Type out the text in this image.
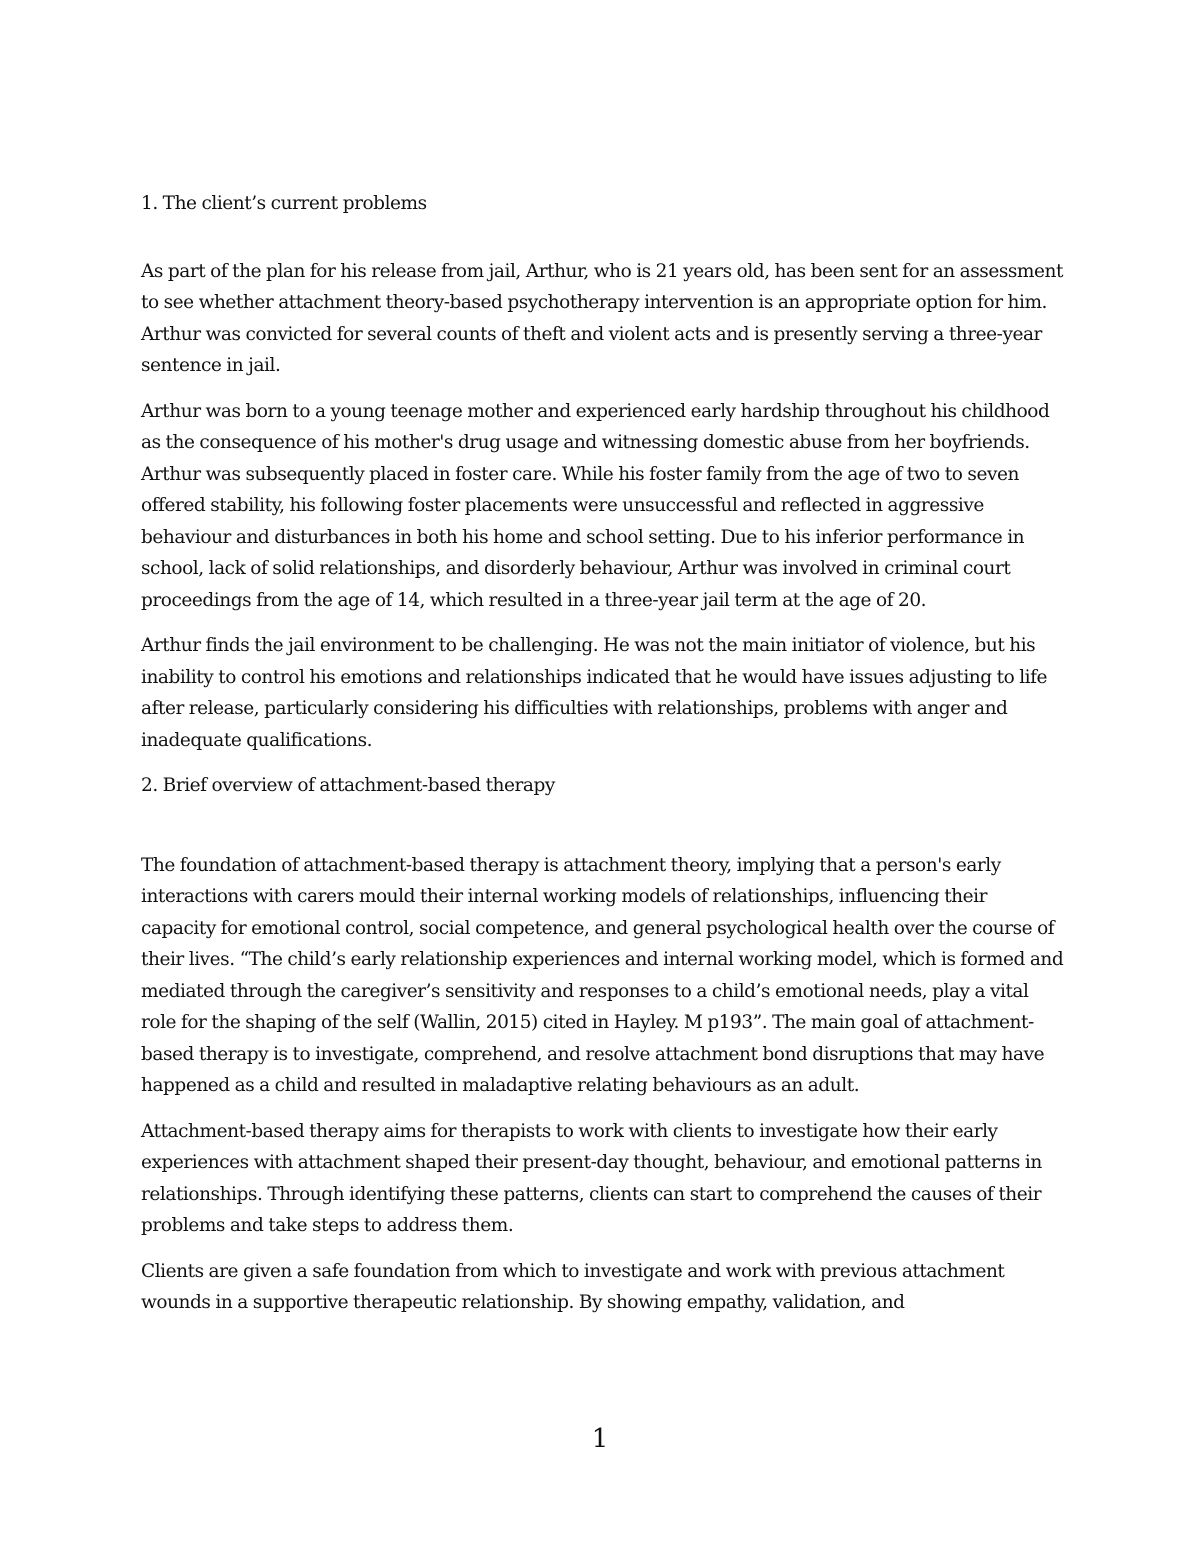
1. The client’s current problems

As part of the plan for his release from jail, Arthur, who is 21 years old, has been sent for an assessment to see whether attachment theory-based psychotherapy intervention is an appropriate option for him. Arthur was convicted for several counts of theft and violent acts and is presently serving a three-year sentence in jail.

Arthur was born to a young teenage mother and experienced early hardship throughout his childhood as the consequence of his mother's drug usage and witnessing domestic abuse from her boyfriends. Arthur was subsequently placed in foster care. While his foster family from the age of two to seven offered stability, his following foster placements were unsuccessful and reflected in aggressive behaviour and disturbances in both his home and school setting. Due to his inferior performance in school, lack of solid relationships, and disorderly behaviour, Arthur was involved in criminal court proceedings from the age of 14, which resulted in a three-year jail term at the age of 20.

Arthur finds the jail environment to be challenging. He was not the main initiator of violence, but his inability to control his emotions and relationships indicated that he would have issues adjusting to life after release, particularly considering his difficulties with relationships, problems with anger and inadequate qualifications.

2. Brief overview of attachment-based therapy

The foundation of attachment-based therapy is attachment theory, implying that a person's early interactions with carers mould their internal working models of relationships, influencing their capacity for emotional control, social competence, and general psychological health over the course of their lives. “The child’s early relationship experiences and internal working model, which is formed and mediated through the caregiver’s sensitivity and responses to a child’s emotional needs, play a vital role for the shaping of the self (Wallin, 2015) cited in Hayley. M p193”. The main goal of attachment-based therapy is to investigate, comprehend, and resolve attachment bond disruptions that may have happened as a child and resulted in maladaptive relating behaviours as an adult.

Attachment-based therapy aims for therapists to work with clients to investigate how their early experiences with attachment shaped their present-day thought, behaviour, and emotional patterns in relationships. Through identifying these patterns, clients can start to comprehend the causes of their problems and take steps to address them.

Clients are given a safe foundation from which to investigate and work with previous attachment wounds in a supportive therapeutic relationship. By showing empathy, validation, and

1
